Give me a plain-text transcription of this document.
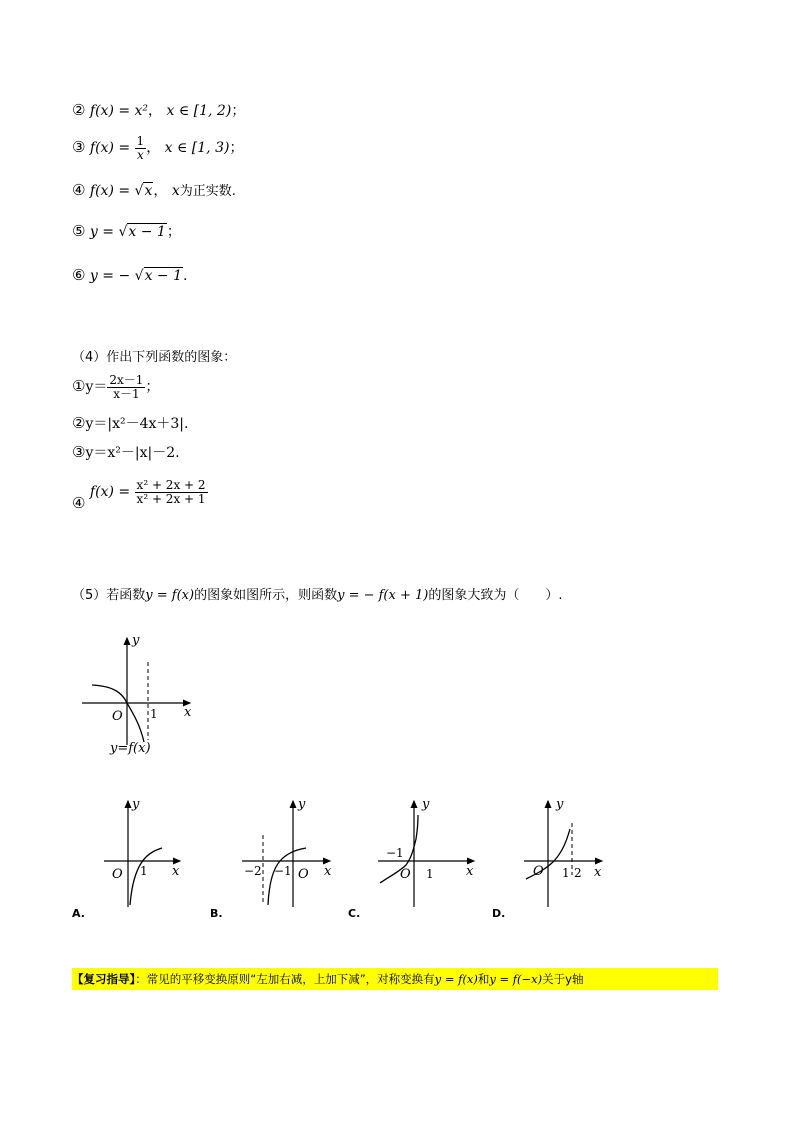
② f(x) = x²， x ∈ [1, 2)；
③ $f(x) = \frac{1}{x}$ ， x ∈ [1, 3)；
④ f(x) = √x， x为正实数.
⑤ y = √x − 1；
⑥ y = − √x − 1.
（4）作出下列函数的图象：
①y＝ $\frac{2x-1}{x-1}$ ；
②y＝|x²－4x＋3|.
③y＝x²－|x|－2.
④ $f(x) = \frac{\text{x² + 2x + 2}}{\text{x² + 2x + 1}}$
（5）若函数y = f(x)的图象如图所示，则函数y = − f(x + 1)的图象大致为（　　）.
y
x
O 1
y=f(x)
y
x
O 1
A.
y
x
O
−2 −1
B.
y
x
O
−1
1
C.
y
x
O 1 2
D.
【复习指导】：常见的平移变换原则“左加右减，上加下减”，对称变换有y = f(x)和y = f(−x)关于y轴
